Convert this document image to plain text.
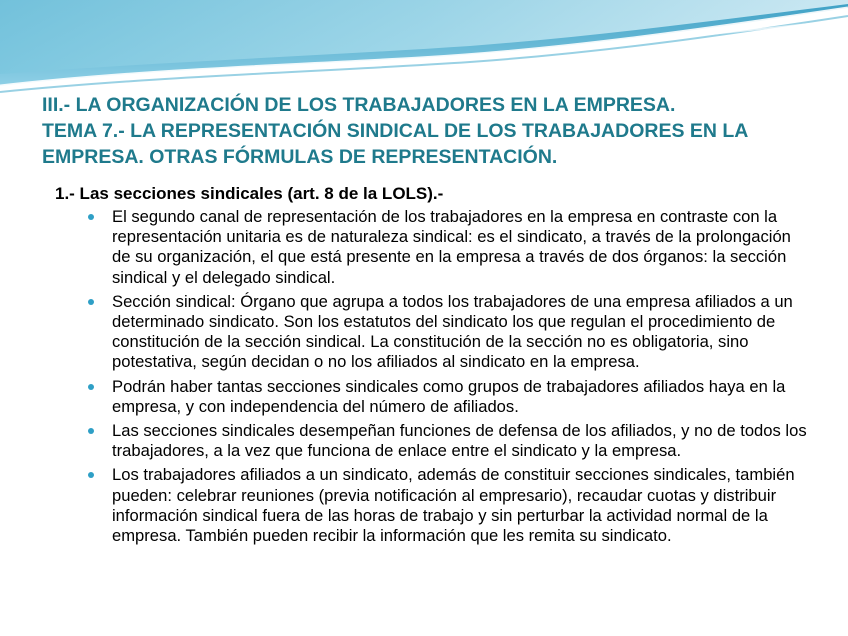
III.- LA ORGANIZACIÓN DE LOS TRABAJADORES EN LA EMPRESA.
TEMA 7.- LA REPRESENTACIÓN SINDICAL DE LOS TRABAJADORES EN LA
EMPRESA. OTRAS FÓRMULAS DE REPRESENTACIÓN.
1.- Las secciones sindicales (art. 8 de la LOLS).-
El segundo canal de representación de los trabajadores en la empresa en contraste con la representación unitaria es de naturaleza sindical: es el sindicato, a través de la prolongación de su organización, el que está presente en la empresa a través de dos órganos: la sección sindical y el delegado sindical.
Sección sindical: Órgano que agrupa a todos los trabajadores de una empresa afiliados a un determinado sindicato. Son los estatutos del sindicato los que regulan el procedimiento de constitución de la sección sindical. La constitución de la sección no es obligatoria, sino potestativa, según decidan o no los afiliados al sindicato en la empresa.
Podrán haber tantas secciones sindicales como grupos de trabajadores afiliados haya en la empresa, y con independencia del número de afiliados.
Las secciones sindicales desempeñan funciones de defensa de los afiliados, y no de todos los trabajadores, a la vez que funciona de enlace entre el sindicato y la empresa.
Los trabajadores afiliados a un sindicato, además de constituir secciones sindicales, también pueden: celebrar reuniones (previa notificación al empresario), recaudar cuotas y distribuir información sindical fuera de las horas de trabajo y sin perturbar la actividad normal de la empresa. También pueden recibir la información que les remita su sindicato.
